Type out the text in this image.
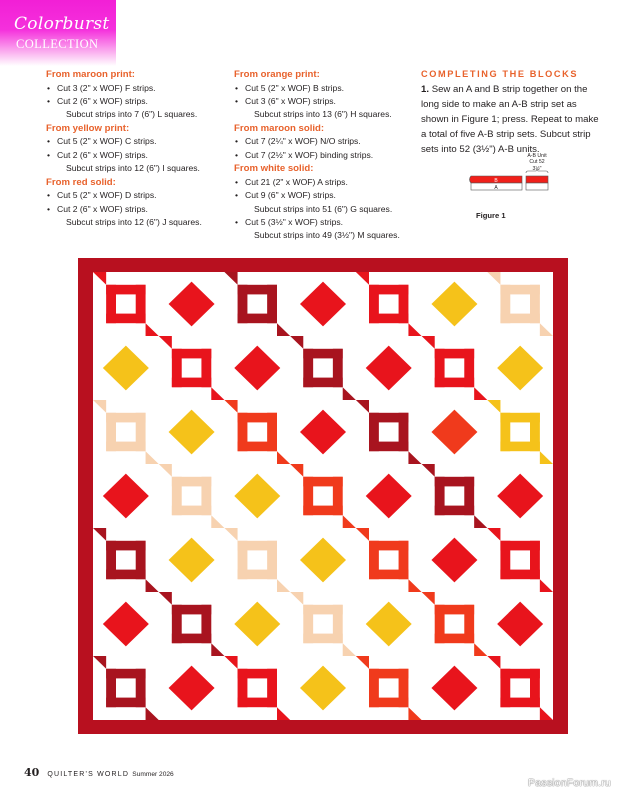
Colorburst
COLLECTION
From maroon print:
• Cut 3 (2" x WOF) F strips.
• Cut 2 (6" x WOF) strips.
Subcut strips into 7 (6") L squares.
From yellow print:
• Cut 5 (2" x WOF) C strips.
• Cut 2 (6" x WOF) strips.
Subcut strips into 12 (6") I squares.
From red solid:
• Cut 5 (2" x WOF) D strips.
• Cut 2 (6" x WOF) strips.
Subcut strips into 12 (6") J squares.
From orange print:
• Cut 5 (2" x WOF) B strips.
• Cut 3 (6" x WOF) strips.
Subcut strips into 13 (6") H squares.
From maroon solid:
• Cut 7 (2¼" x WOF) N/O strips.
• Cut 7 (2½" x WOF) binding strips.
From white solid:
• Cut 21 (2" x WOF) A strips.
• Cut 9 (6" x WOF) strips.
Subcut strips into 51 (6") G squares.
• Cut 5 (3½" x WOF) strips.
Subcut strips into 49 (3½") M squares.
COMPLETING THE BLOCKS
1. Sew an A and B strip together on the long side to make an A-B strip set as shown in Figure 1; press. Repeat to make a total of five A-B strip sets. Subcut strip sets into 52 (3½") A-B units.
A-B Unit
Cut 52
3½"
B
A
Figure 1
40 QUILTER'S WORLD Summer 2026
PassionForum.ru
